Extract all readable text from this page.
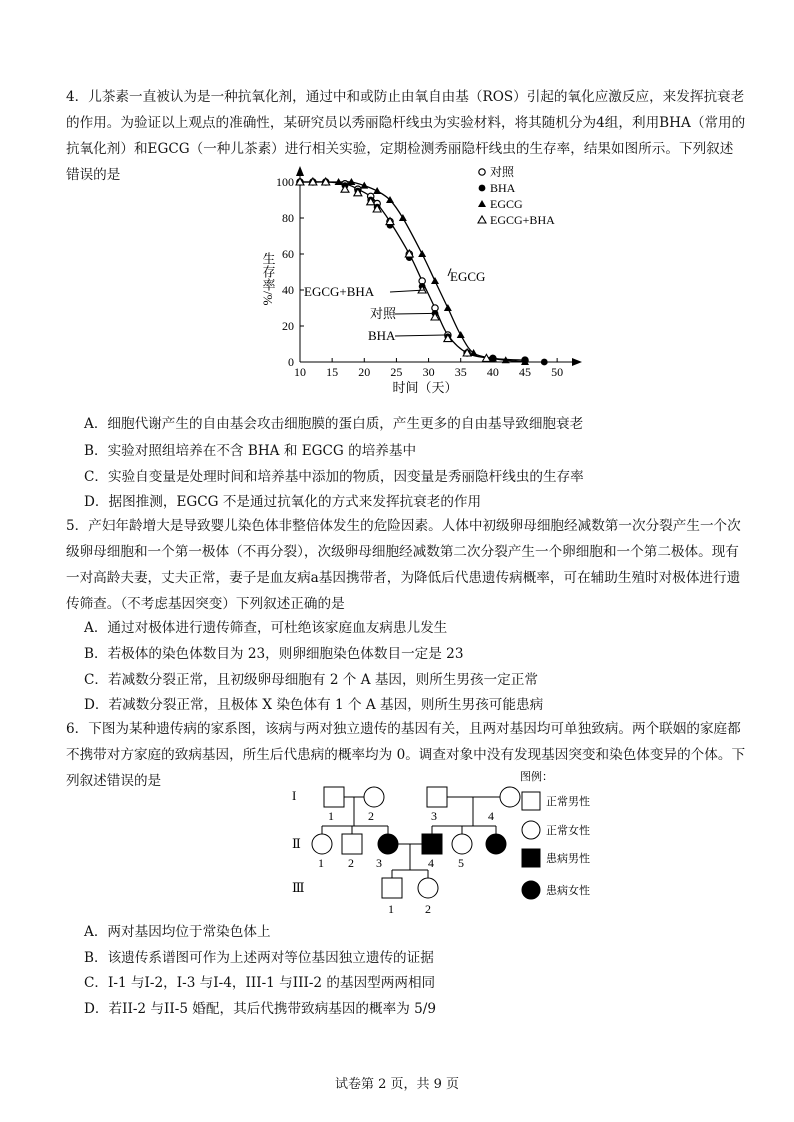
4．儿茶素一直被认为是一种抗氧化剂，通过中和或防止由氧自由基（ROS）引起的氧化应激反应，来发挥抗衰老的作用。为验证以上观点的准确性，某研究员以秀丽隐杆线虫为实验材料，将其随机分为4组，利用BHA（常用的抗氧化剂）和EGCG（一种儿茶素）进行相关实验，定期检测秀丽隐杆线虫的生存率，结果如图所示。下列叙述错误的是

10 15 20 25 30 35 40 45 50
0
20
40
60
80
100
时间（天）
生存率/%
对照
BHA
EGCG
EGCG+BHA
EGCG
EGCG+BHA
对照
BHA
A．细胞代谢产生的自由基会攻击细胞膜的蛋白质，产生更多的自由基导致细胞衰老
B．实验对照组培养在不含 BHA 和 EGCG 的培养基中
C．实验自变量是处理时间和培养基中添加的物质，因变量是秀丽隐杆线虫的生存率
D．据图推测，EGCG 不是通过抗氧化的方式来发挥抗衰老的作用

5．产妇年龄增大是导致婴儿染色体非整倍体发生的危险因素。人体中初级卵母细胞经减数第一次分裂产生一个次级卵母细胞和一个第一极体（不再分裂），次级卵母细胞经减数第二次分裂产生一个卵细胞和一个第二极体。现有一对高龄夫妻，丈夫正常，妻子是血友病a基因携带者，为降低后代患遗传病概率，可在辅助生殖时对极体进行遗传筛查。（不考虑基因突变）下列叙述正确的是

A．通过对极体进行遗传筛查，可杜绝该家庭血友病患儿发生
B．若极体的染色体数目为 23，则卵细胞染色体数目一定是 23
C．若减数分裂正常，且初级卵母细胞有 2 个 A 基因，则所生男孩一定正常
D．若减数分裂正常，且极体 X 染色体有 1 个 A 基因，则所生男孩可能患病

6．下图为某种遗传病的家系图，该病与两对独立遗传的基因有关，且两对基因均可单独致病。两个联姻的家庭都不携带对方家庭的致病基因，所生后代患病的概率均为 0。调查对象中没有发现基因突变和染色体变异的个体。下列叙述错误的是

I
Ⅱ
Ⅲ
1	2	3	4
1 2 3	4 5
1	2
图例：
正常男性
正常女性
患病男性
患病女性
A．两对基因均位于常染色体上
B．该遗传系谱图可作为上述两对等位基因独立遗传的证据
C．I-1 与I-2，I-3 与I-4，III-1 与III-2 的基因型两两相同
D．若II-2 与II-5 婚配，其后代携带致病基因的概率为 5/9
试卷第 2 页，共 9 页
